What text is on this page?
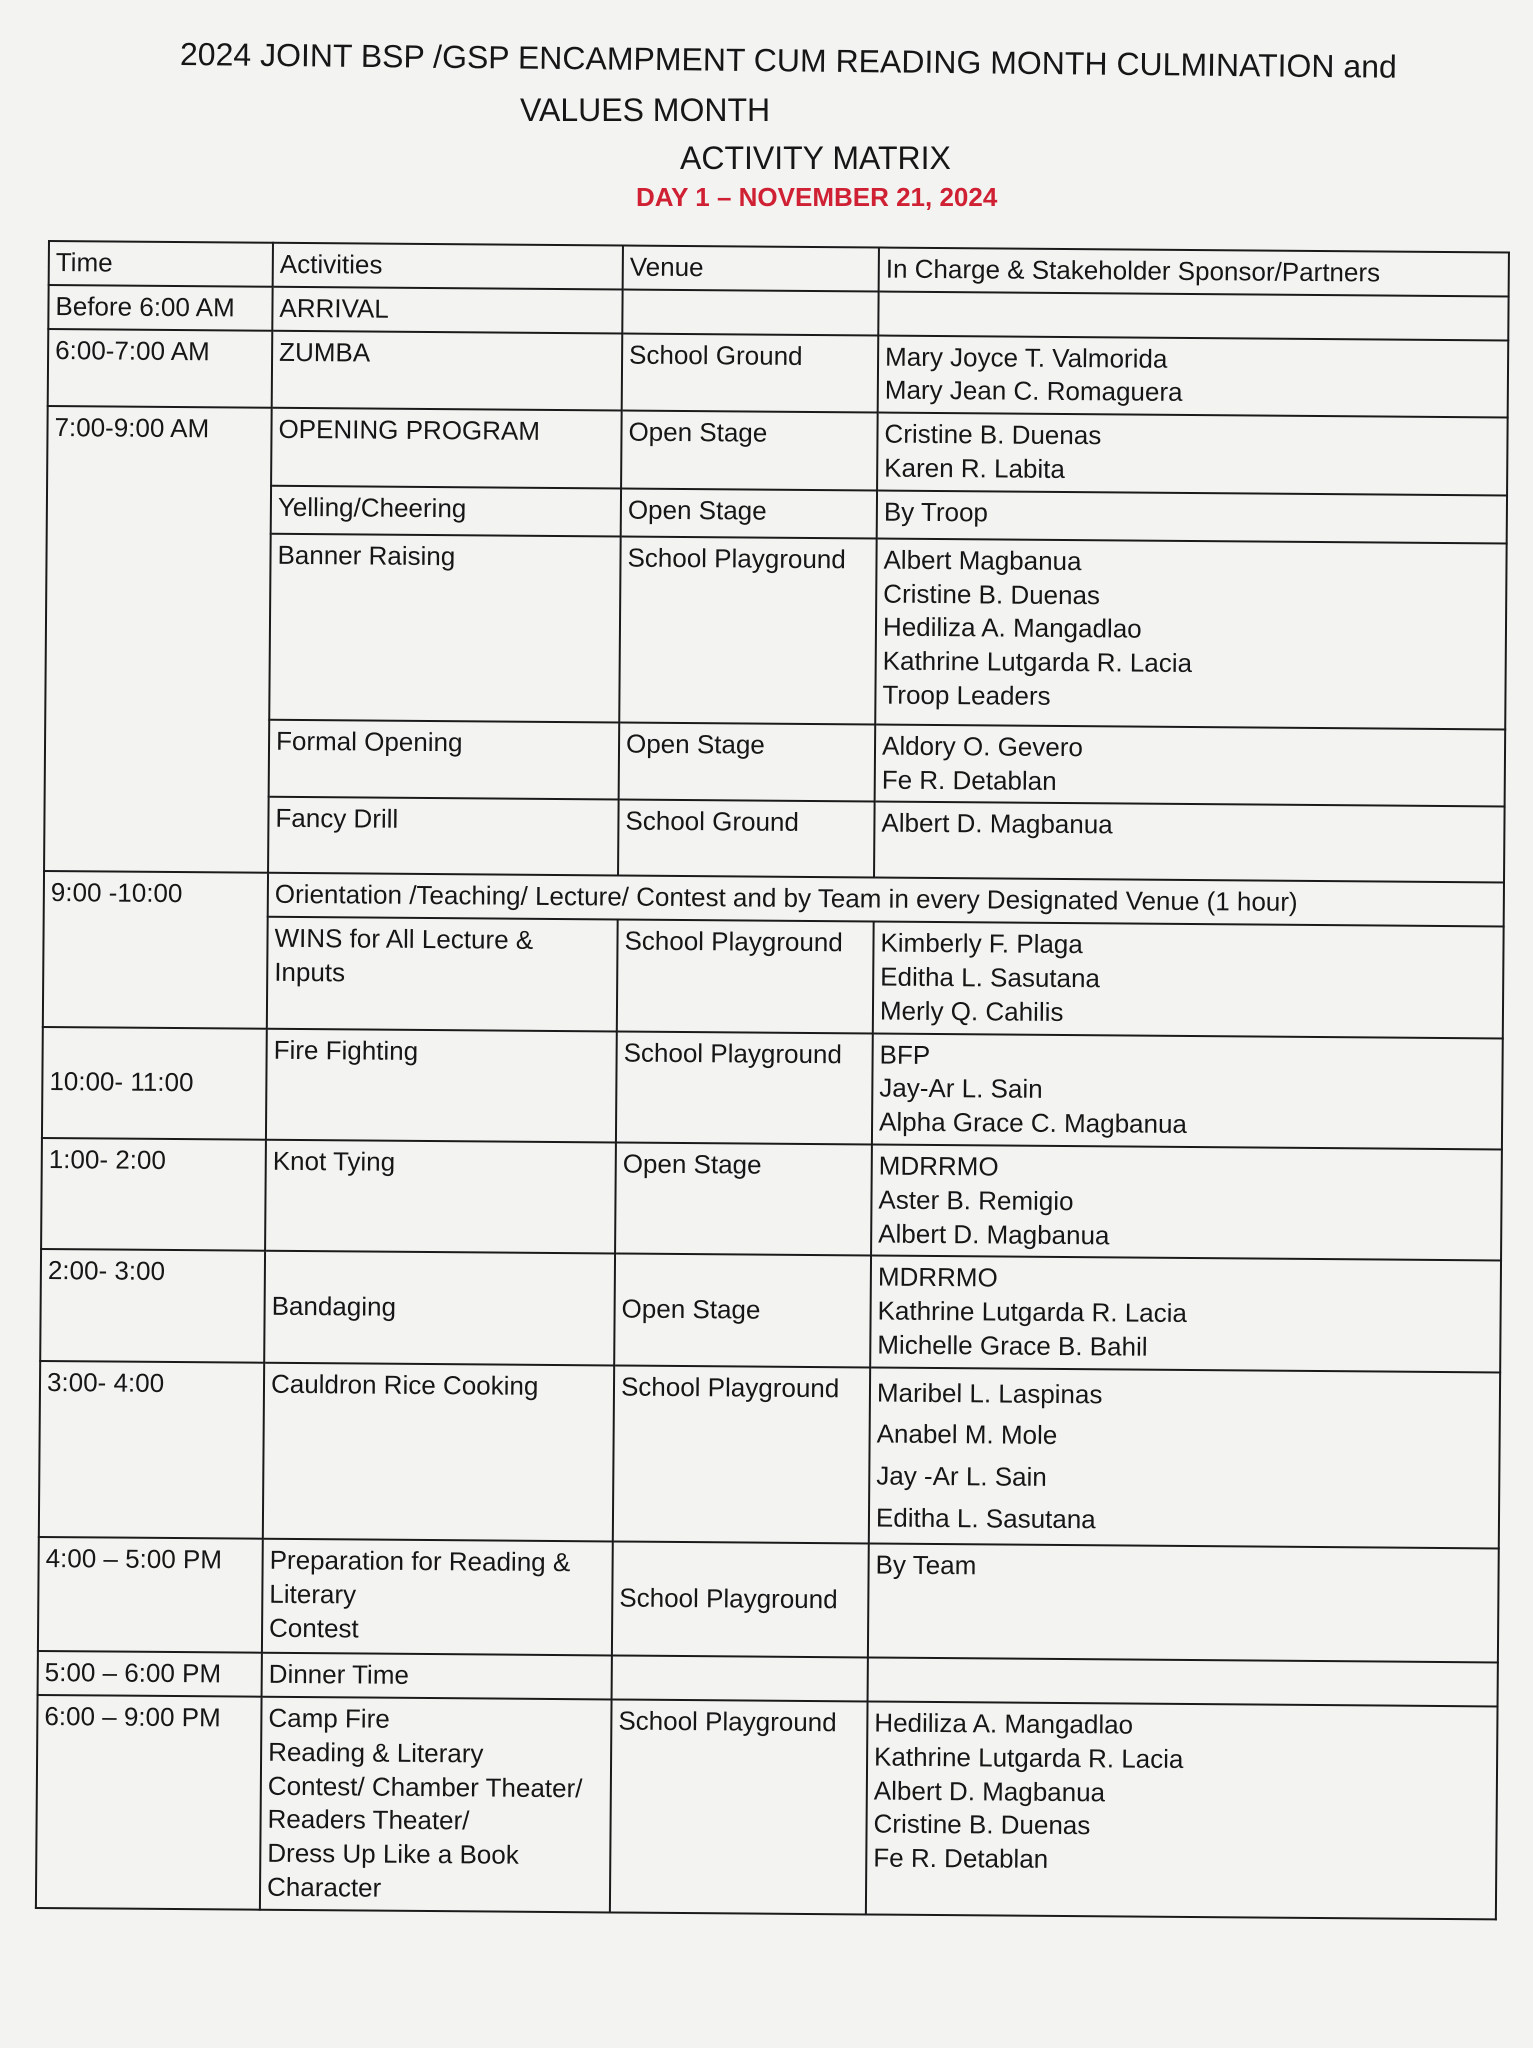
2024 JOINT BSP /GSP ENCAMPMENT CUM READING MONTH CULMINATION and
VALUES MONTH
ACTIVITY MATRIX
DAY 1 – NOVEMBER 21, 2024
Time	Activities	Venue	In Charge & Stakeholder Sponsor/Partners
Before 6:00 AM	ARRIVAL		
6:00-7:00 AM	ZUMBA	School Ground	Mary Joyce T. Valmorida
Mary Jean C. Romaguera

7:00-9:00 AM	OPENING PROGRAM	Open Stage	Cristine B. Duenas
Karen R. Labita

	Yelling/Cheering	Open Stage	By Troop

	Banner Raising	School Playground	Albert Magbanua
Cristine B. Duenas
Hediliza A. Mangadlao
Kathrine Lutgarda R. Lacia
Troop Leaders

	Formal Opening	Open Stage	Aldory O. Gevero
Fe R. Detablan

	Fancy Drill	School Ground	Albert D. Magbanua

9:00 -10:00	Orientation /Teaching/ Lecture/ Contest and by Team in every Designated Venue (1 hour)		
	WINS for All Lecture & Inputs	School Playground	Kimberly F. Plaga
Editha L. Sasutana
Merly Q. Cahilis

10:00- 11:00	Fire Fighting	School Playground	BFP
Jay-Ar L. Sain
Alpha Grace C. Magbanua

1:00- 2:00	Knot Tying	Open Stage	MDRRMO
Aster B. Remigio
Albert D. Magbanua

2:00- 3:00	Bandaging	Open Stage	MDRRMO
Kathrine Lutgarda R. Lacia
Michelle Grace B. Bahil

3:00- 4:00	Cauldron Rice Cooking	School Playground	Maribel L. Laspinas
Anabel M. Mole
Jay -Ar L. Sain
Editha L. Sasutana

4:00 – 5:00 PM	Preparation for Reading &
Literary
Contest	School Playground	By Team

5:00 – 6:00 PM	Dinner Time		
6:00 – 9:00 PM	Camp Fire
Reading & Literary
Contest/ Chamber Theater/
Readers Theater/
Dress Up Like a Book Character	School Playground	Hediliza A. Mangadlao
Kathrine Lutgarda R. Lacia
Albert D. Magbanua
Cristine B. Duenas
Fe R. Detablan
